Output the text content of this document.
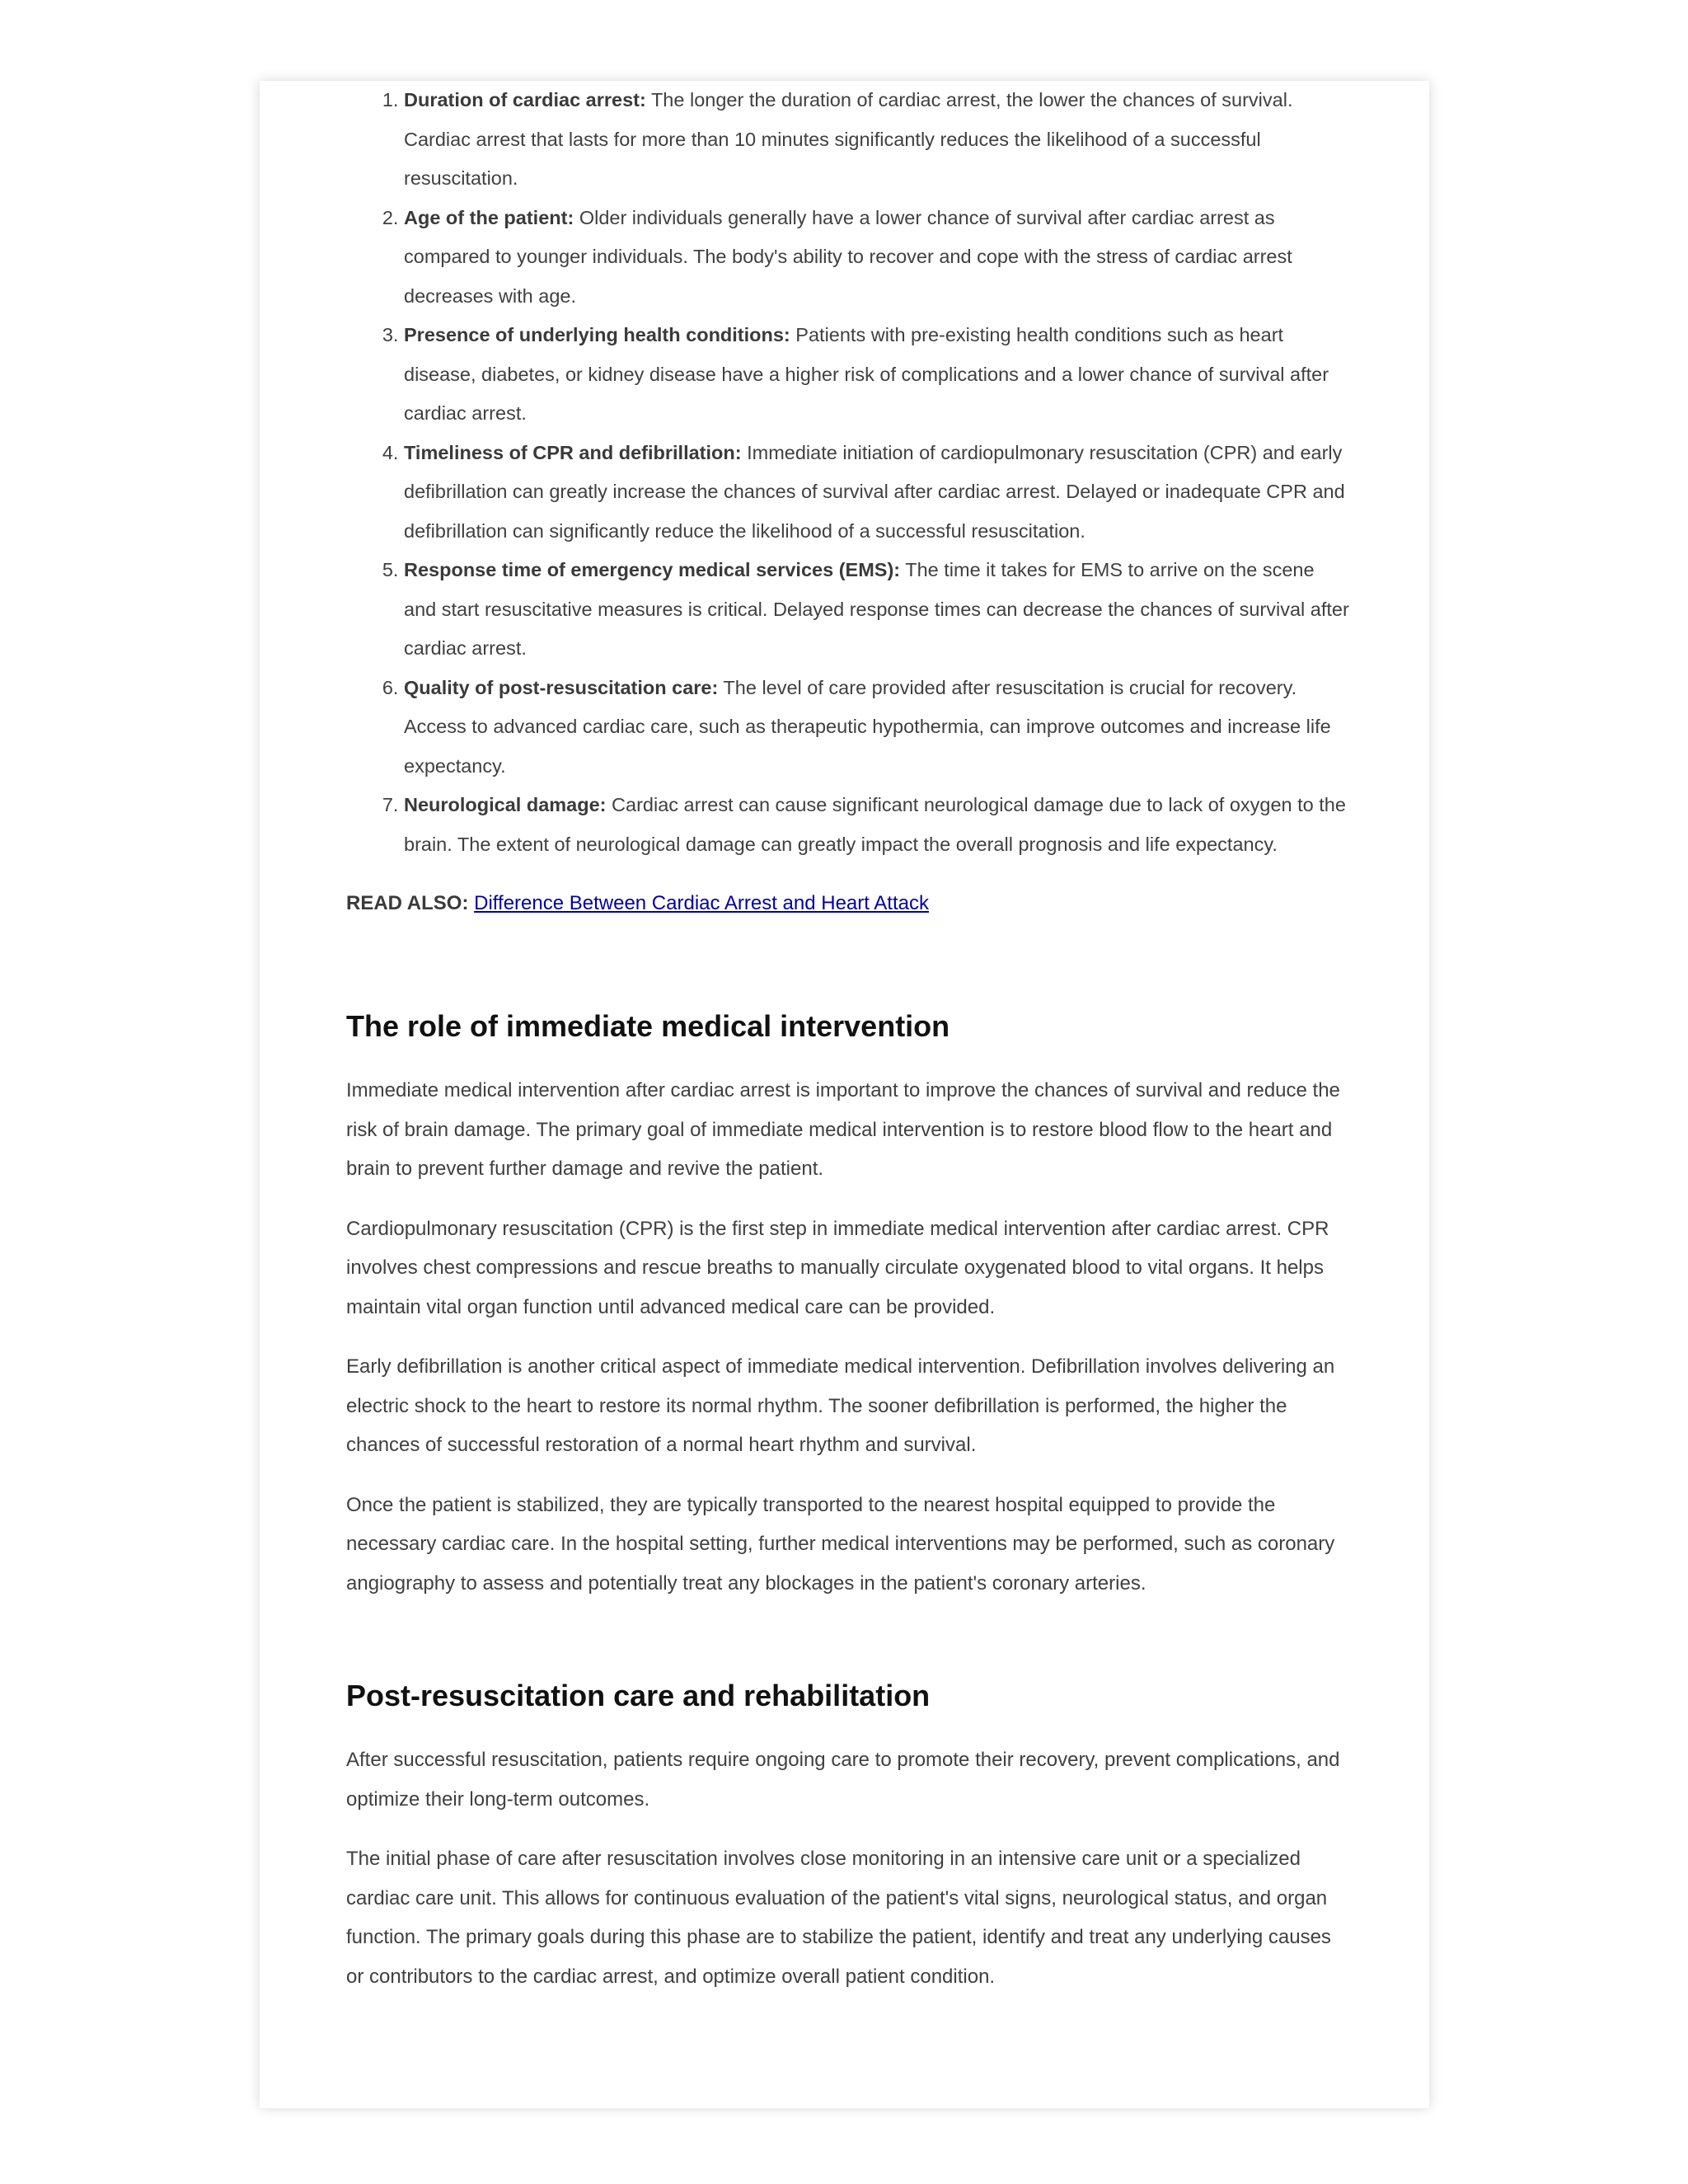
1. Duration of cardiac arrest: The longer the duration of cardiac arrest, the lower the chances of survival. Cardiac arrest that lasts for more than 10 minutes significantly reduces the likelihood of a successful resuscitation.
2. Age of the patient: Older individuals generally have a lower chance of survival after cardiac arrest as compared to younger individuals. The body's ability to recover and cope with the stress of cardiac arrest decreases with age.
3. Presence of underlying health conditions: Patients with pre-existing health conditions such as heart disease, diabetes, or kidney disease have a higher risk of complications and a lower chance of survival after cardiac arrest.
4. Timeliness of CPR and defibrillation: Immediate initiation of cardiopulmonary resuscitation (CPR) and early defibrillation can greatly increase the chances of survival after cardiac arrest. Delayed or inadequate CPR and defibrillation can significantly reduce the likelihood of a successful resuscitation.
5. Response time of emergency medical services (EMS): The time it takes for EMS to arrive on the scene and start resuscitative measures is critical. Delayed response times can decrease the chances of survival after cardiac arrest.
6. Quality of post-resuscitation care: The level of care provided after resuscitation is crucial for recovery. Access to advanced cardiac care, such as therapeutic hypothermia, can improve outcomes and increase life expectancy.
7. Neurological damage: Cardiac arrest can cause significant neurological damage due to lack of oxygen to the brain. The extent of neurological damage can greatly impact the overall prognosis and life expectancy.
READ ALSO: Difference Between Cardiac Arrest and Heart Attack
The role of immediate medical intervention

Immediate medical intervention after cardiac arrest is important to improve the chances of survival and reduce the risk of brain damage. The primary goal of immediate medical intervention is to restore blood flow to the heart and brain to prevent further damage and revive the patient.

Cardiopulmonary resuscitation (CPR) is the first step in immediate medical intervention after cardiac arrest. CPR involves chest compressions and rescue breaths to manually circulate oxygenated blood to vital organs. It helps maintain vital organ function until advanced medical care can be provided.

Early defibrillation is another critical aspect of immediate medical intervention. Defibrillation involves delivering an electric shock to the heart to restore its normal rhythm. The sooner defibrillation is performed, the higher the chances of successful restoration of a normal heart rhythm and survival.

Once the patient is stabilized, they are typically transported to the nearest hospital equipped to provide the necessary cardiac care. In the hospital setting, further medical interventions may be performed, such as coronary angiography to assess and potentially treat any blockages in the patient's coronary arteries.

Post-resuscitation care and rehabilitation

After successful resuscitation, patients require ongoing care to promote their recovery, prevent complications, and optimize their long-term outcomes.

The initial phase of care after resuscitation involves close monitoring in an intensive care unit or a specialized cardiac care unit. This allows for continuous evaluation of the patient's vital signs, neurological status, and organ function. The primary goals during this phase are to stabilize the patient, identify and treat any underlying causes or contributors to the cardiac arrest, and optimize overall patient condition.
